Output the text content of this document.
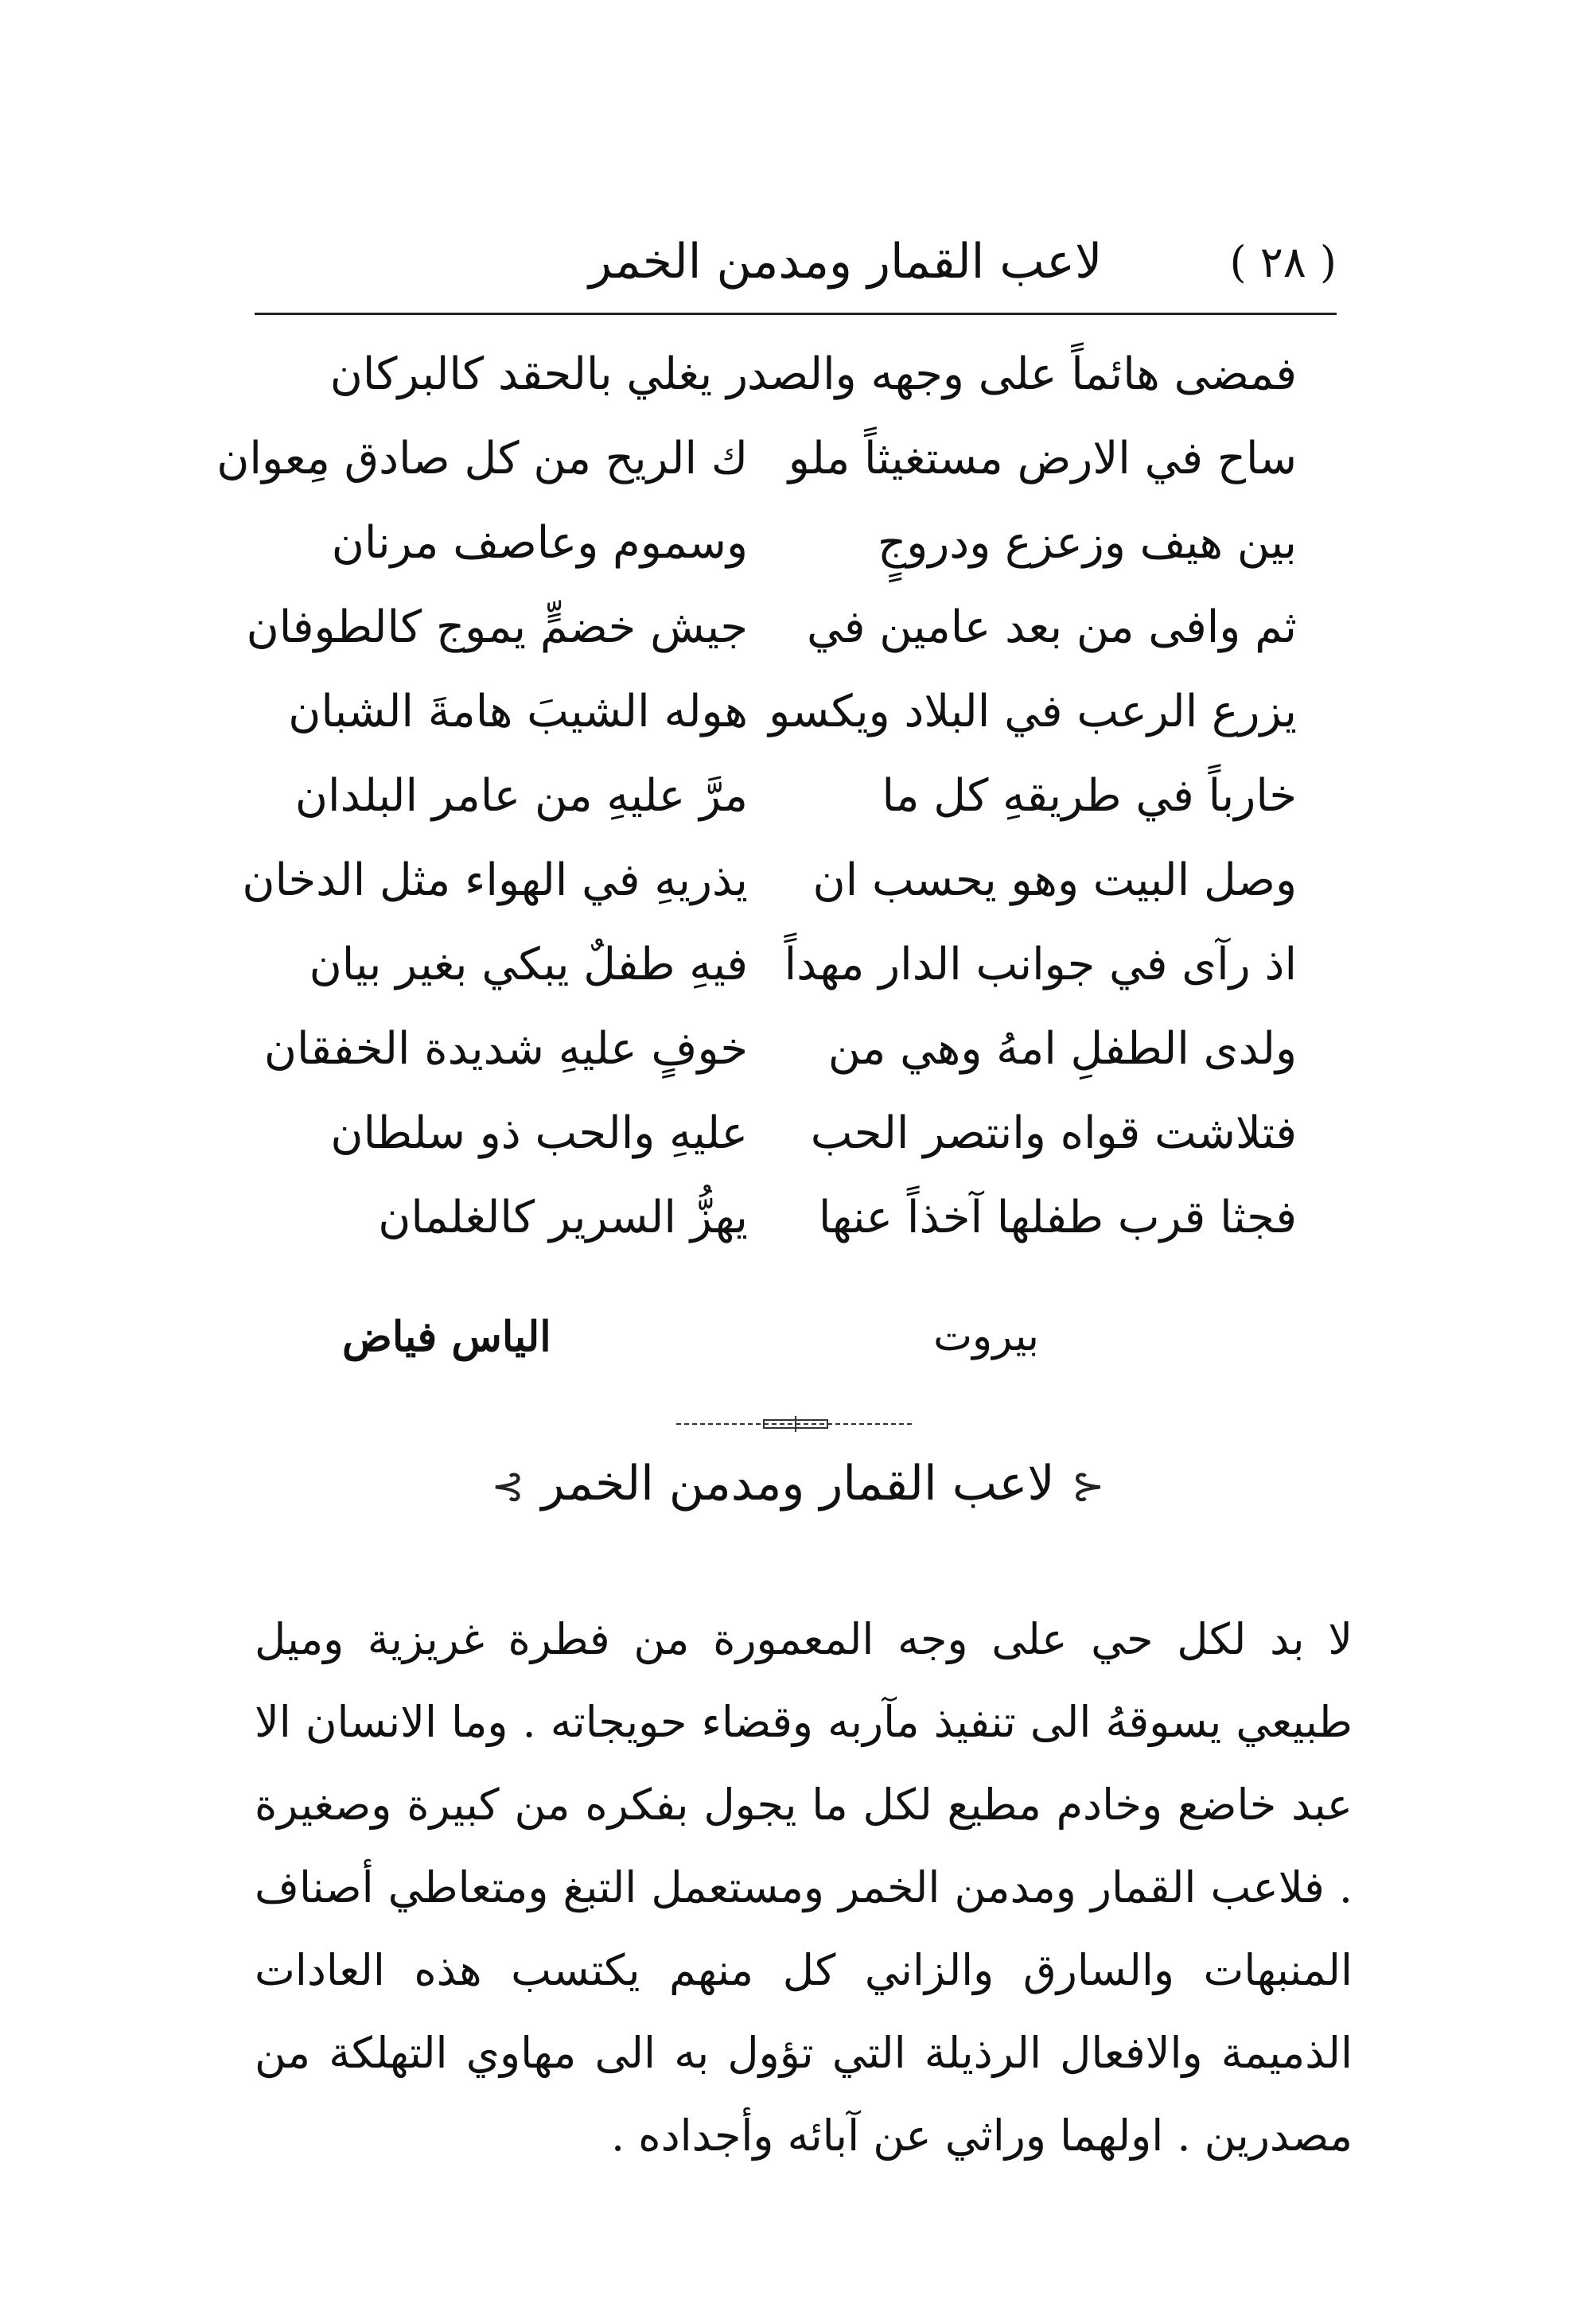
( ٢٨ )
لاعب القمار ومدمن الخمر
فمضى هائماً على وجهه والصد
ر يغلي بالحقد كالبركان
ساح في الارض مستغيثاً ملو
ك الريح من كل صادق مِعوان
بين هيف وزعزع ودروجٍ
وسموم وعاصف مرنان
ثم وافى من بعد عامين في
جيش خضمٍّ يموج كالطوفان
يزرع الرعب في البلاد ويكسو
هوله الشيبَ هامةَ الشبان
خارباً في طريقهِ كل ما
مرَّ عليهِ من عامر البلدان
وصل البيت وهو يحسب ان
يذريهِ في الهواء مثل الدخان
اذ رآى في جوانب الدار مهداً
فيهِ طفلٌ يبكي بغير بيان
ولدى الطفلِ امهُ وهي من
خوفٍ عليهِ شديدة الخفقان
فتلاشت قواه وانتصر الحب
عليهِ والحب ذو سلطان
فجثا قرب طفلها آخذاً عنها
يهزُّ السرير كالغلمان
بيروت
الياس فياض
⊰ لاعب القمار ومدمن الخمر ⊱

لا بد لكل حي على وجه المعمورة من فطرة غريزية وميل طبيعي يسوقهُ الى تنفيذ مآربه وقضاء حويجاته . وما الانسان الا عبد خاضع وخادم مطيع لكل ما يجول بفكره من كبيرة وصغيرة . فلاعب القمار ومدمن الخمر ومستعمل التبغ ومتعاطي أصناف المنبهات والسارق والزاني كل منهم يكتسب هذه العادات الذميمة والافعال الرذيلة التي تؤول به الى مهاوي التهلكة من مصدرين . اولهما وراثي عن آبائه وأجداده .
